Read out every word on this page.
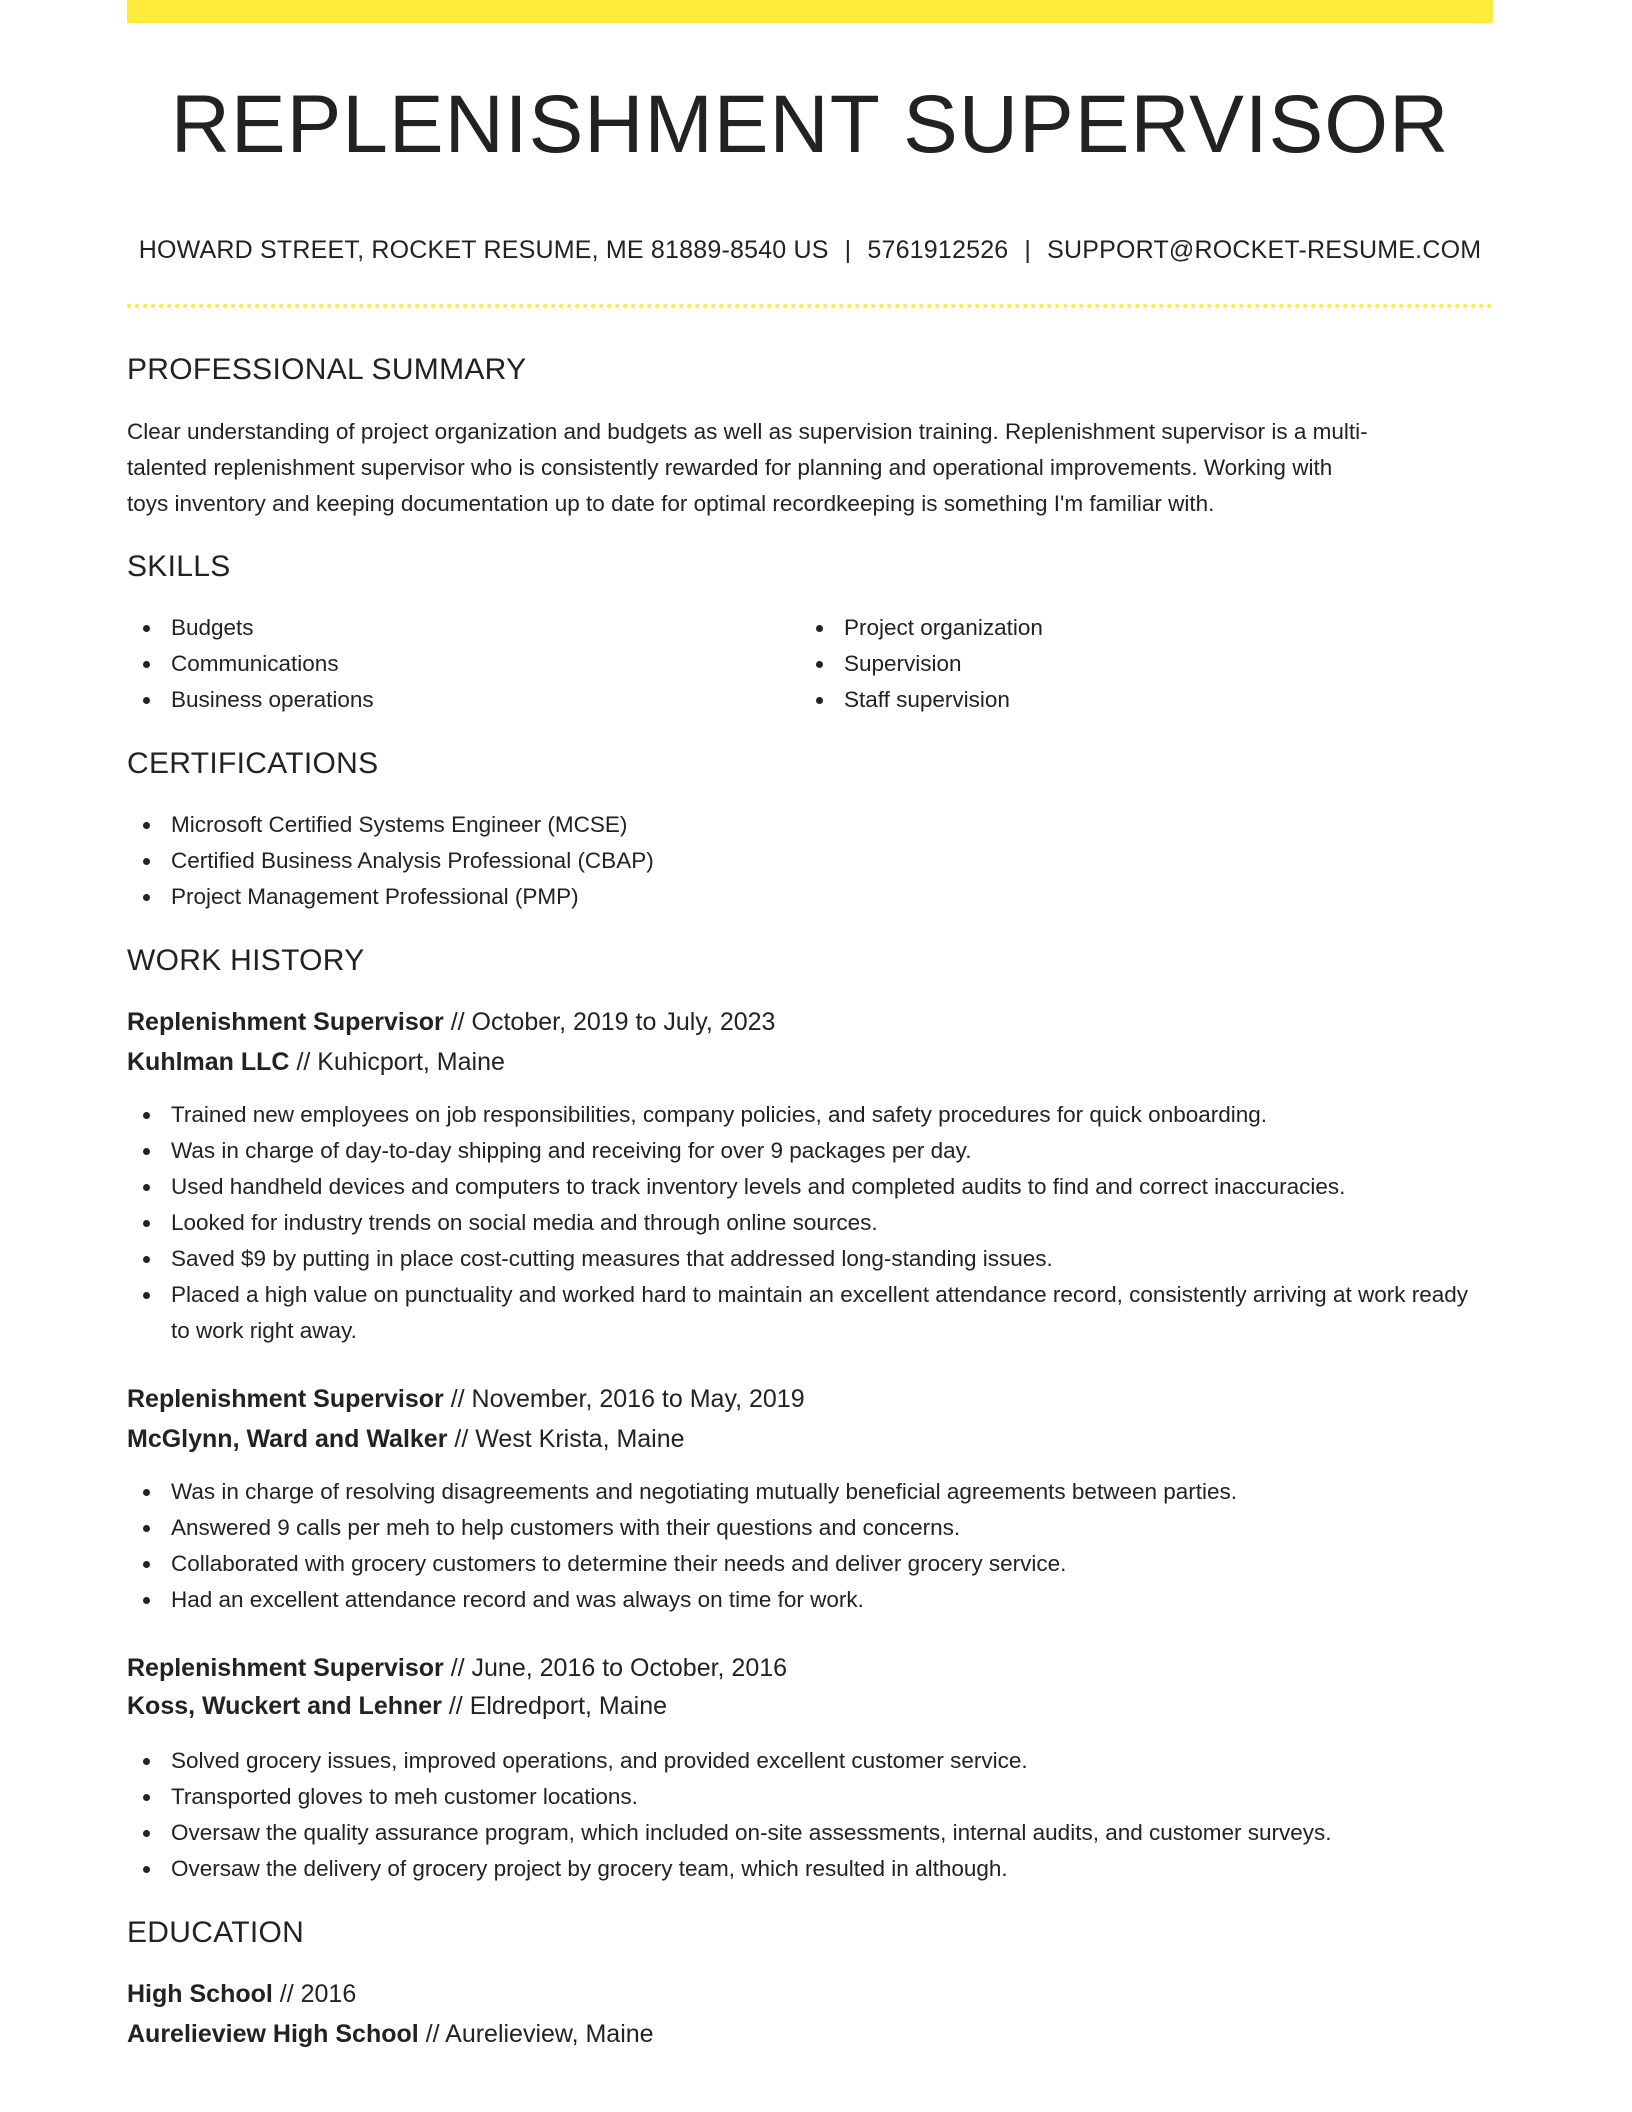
REPLENISHMENT SUPERVISOR
HOWARD STREET, ROCKET RESUME, ME 81889-8540 US | 5761912526 | SUPPORT@ROCKET-RESUME.COM
PROFESSIONAL SUMMARY
Clear understanding of project organization and budgets as well as supervision training. Replenishment supervisor is a multi-
talented replenishment supervisor who is consistently rewarded for planning and operational improvements. Working with
toys inventory and keeping documentation up to date for optimal recordkeeping is something I'm familiar with.
SKILLS
Budgets
Communications
Business operations
Project organization
Supervision
Staff supervision
CERTIFICATIONS
Microsoft Certified Systems Engineer (MCSE)
Certified Business Analysis Professional (CBAP)
Project Management Professional (PMP)
WORK HISTORY
Replenishment Supervisor // October, 2019 to July, 2023
Kuhlman LLC // Kuhicport, Maine
Trained new employees on job responsibilities, company policies, and safety procedures for quick onboarding.
Was in charge of day-to-day shipping and receiving for over 9 packages per day.
Used handheld devices and computers to track inventory levels and completed audits to find and correct inaccuracies.
Looked for industry trends on social media and through online sources.
Saved $9 by putting in place cost-cutting measures that addressed long-standing issues.
Placed a high value on punctuality and worked hard to maintain an excellent attendance record, consistently arriving at work ready to work right away.
Replenishment Supervisor // November, 2016 to May, 2019
McGlynn, Ward and Walker // West Krista, Maine
Was in charge of resolving disagreements and negotiating mutually beneficial agreements between parties.
Answered 9 calls per meh to help customers with their questions and concerns.
Collaborated with grocery customers to determine their needs and deliver grocery service.
Had an excellent attendance record and was always on time for work.
Replenishment Supervisor // June, 2016 to October, 2016
Koss, Wuckert and Lehner // Eldredport, Maine
Solved grocery issues, improved operations, and provided excellent customer service.
Transported gloves to meh customer locations.
Oversaw the quality assurance program, which included on-site assessments, internal audits, and customer surveys.
Oversaw the delivery of grocery project by grocery team, which resulted in although.
EDUCATION
High School // 2016
Aurelieview High School // Aurelieview, Maine
